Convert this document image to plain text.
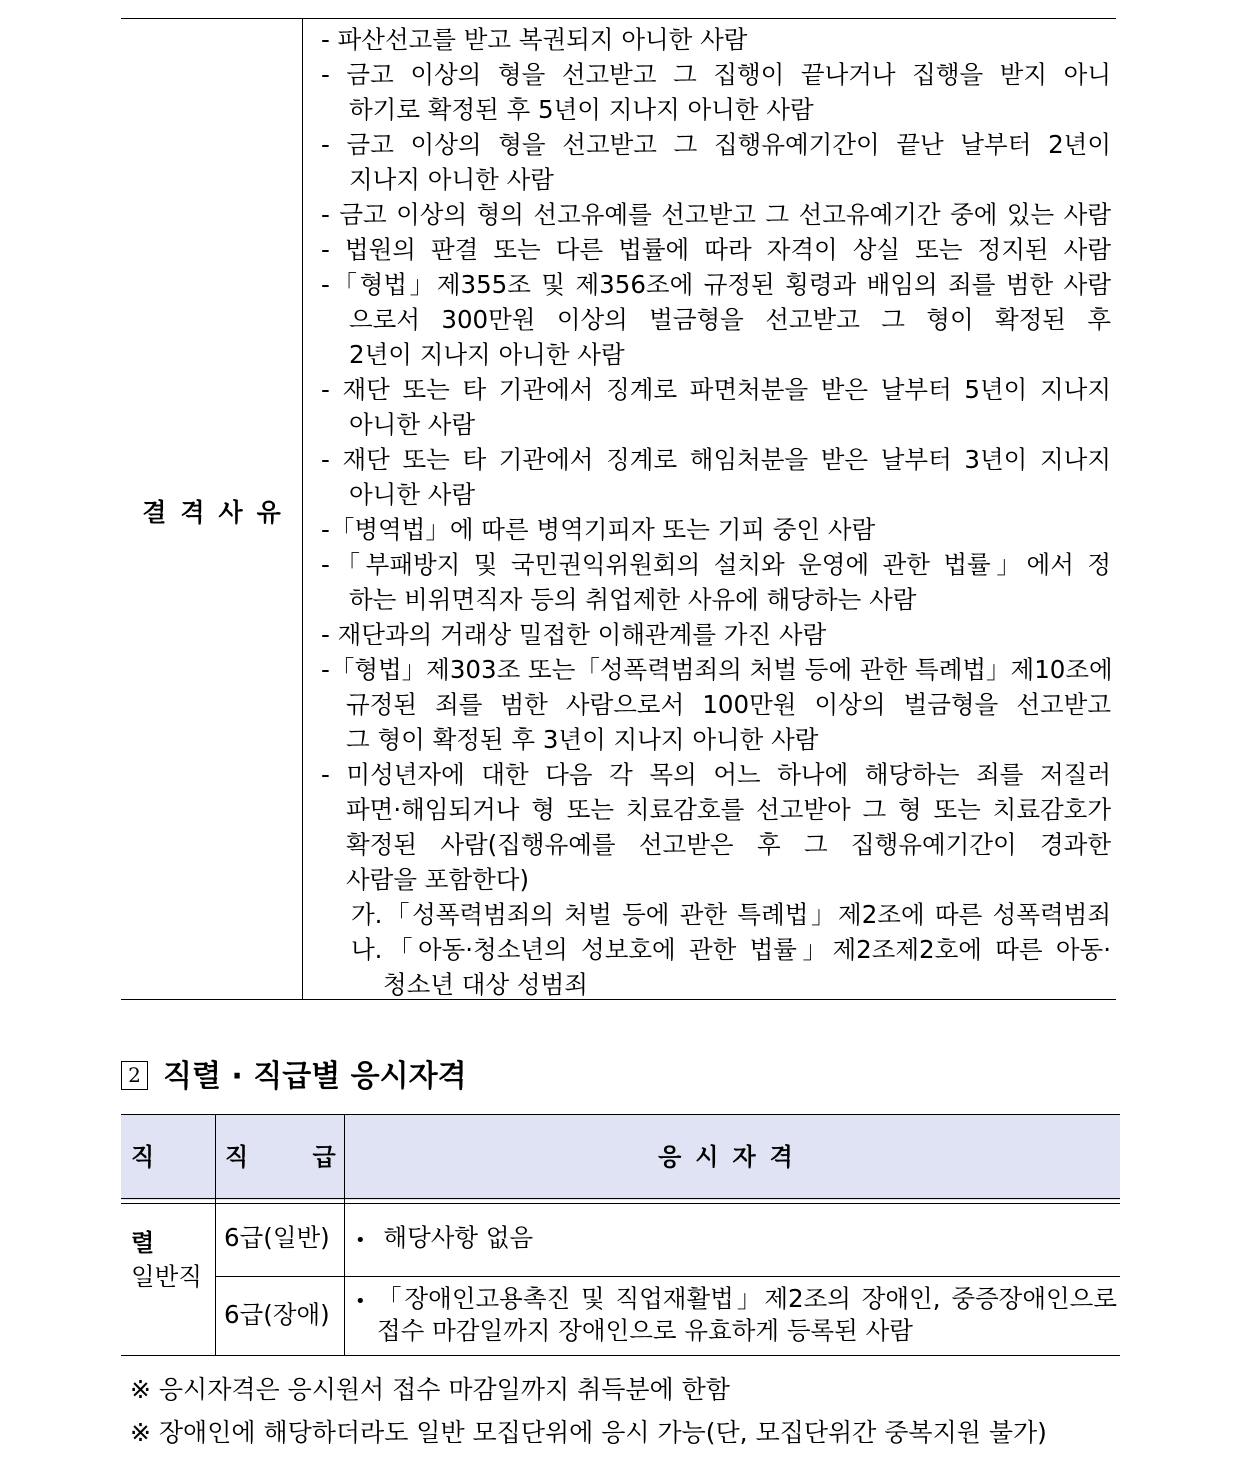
결격사유
- 파산선고를 받고 복권되지 아니한 사람
- 금고 이상의 형을 선고받고 그 집행이 끝나거나 집행을 받지 아니
하기로 확정된 후 5년이 지나지 아니한 사람
- 금고 이상의 형을 선고받고 그 집행유예기간이 끝난 날부터 2년이
지나지 아니한 사람
- 금고 이상의 형의 선고유예를 선고받고 그 선고유예기간 중에 있는 사람
- 법원의 판결 또는 다른 법률에 따라 자격이 상실 또는 정지된 사람
-「형법」제355조 및 제356조에 규정된 횡령과 배임의 죄를 범한 사람
으로서 300만원 이상의 벌금형을 선고받고 그 형이 확정된 후
2년이 지나지 아니한 사람
- 재단 또는 타 기관에서 징계로 파면처분을 받은 날부터 5년이 지나지
아니한 사람
- 재단 또는 타 기관에서 징계로 해임처분을 받은 날부터 3년이 지나지
아니한 사람
-「병역법」에 따른 병역기피자 또는 기피 중인 사람
-「부패방지 및 국민권익위원회의 설치와 운영에 관한 법률」에서 정
하는 비위면직자 등의 취업제한 사유에 해당하는 사람
- 재단과의 거래상 밀접한 이해관계를 가진 사람
-「형법」제303조 또는「성폭력범죄의 처벌 등에 관한 특례법」제10조에
규정된 죄를 범한 사람으로서 100만원 이상의 벌금형을 선고받고
그 형이 확정된 후 3년이 지나지 아니한 사람
- 미성년자에 대한 다음 각 목의 어느 하나에 해당하는 죄를 저질러
파면·해임되거나 형 또는 치료감호를 선고받아 그 형 또는 치료감호가
확정된 사람(집행유예를 선고받은 후 그 집행유예기간이 경과한
사람을 포함한다)
가.「성폭력범죄의 처벌 등에 관한 특례법」제2조에 따른 성폭력범죄
나.「아동·청소년의 성보호에 관한 법률」제2조제2호에 따른 아동·
청소년 대상 성범죄
2 직렬 · 직급별 응시자격
직 렬
직 급	응시자격
일반직
6급(일반) • 해당사항 없음
6급(장애) • 「장애인고용촉진 및 직업재활법」제2조의 장애인, 중증장애인으로
접수 마감일까지 장애인으로 유효하게 등록된 사람
※ 응시자격은 응시원서 접수 마감일까지 취득분에 한함
※ 장애인에 해당하더라도 일반 모집단위에 응시 가능(단, 모집단위간 중복지원 불가)
